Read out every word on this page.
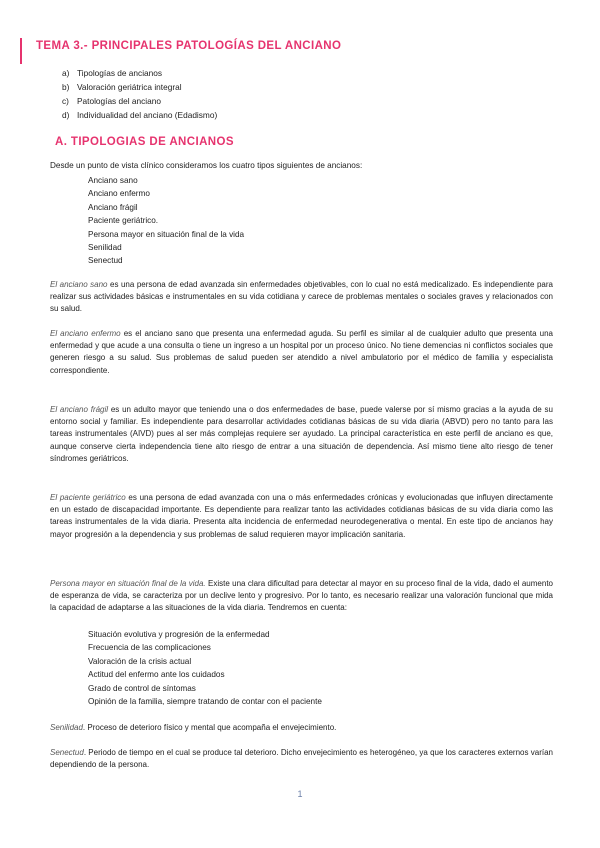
TEMA 3.- PRINCIPALES PATOLOGÍAS DEL ANCIANO
a) Tipologías de ancianos
b) Valoración geriátrica integral
c) Patologías del anciano
d) Individualidad del anciano (Edadismo)
A. TIPOLOGIAS DE ANCIANOS
Desde un punto de vista clínico consideramos los cuatro tipos siguientes de ancianos:
Anciano sano
Anciano enfermo
Anciano frágil
Paciente geriátrico.
Persona mayor en situación final de la vida
Senilidad
Senectud
El anciano sano es una persona de edad avanzada sin enfermedades objetivables, con lo cual no está medicalizado. Es independiente para realizar sus actividades básicas e instrumentales en su vida cotidiana y carece de problemas mentales o sociales graves y relacionados con su salud.
El anciano enfermo es el anciano sano que presenta una enfermedad aguda. Su perfil es similar al de cualquier adulto que presenta una enfermedad y que acude a una consulta o tiene un ingreso a un hospital por un proceso único. No tiene demencias ni conflictos sociales que generen riesgo a su salud. Sus problemas de salud pueden ser atendido a nivel ambulatorio por el médico de familia y especialista correspondiente.
El anciano frágil es un adulto mayor que teniendo una o dos enfermedades de base, puede valerse por sí mismo gracias a la ayuda de su entorno social y familiar. Es independiente para desarrollar actividades cotidianas básicas de su vida diaria (ABVD) pero no tanto para las tareas instrumentales (AIVD) pues al ser más complejas requiere ser ayudado. La principal característica en este perfil de anciano es que, aunque conserve cierta independencia tiene alto riesgo de entrar a una situación de dependencia. Así mismo tiene alto riesgo de tener síndromes geriátricos.
El paciente geriátrico es una persona de edad avanzada con una o más enfermedades crónicas y evolucionadas que influyen directamente en un estado de discapacidad importante. Es dependiente para realizar tanto las actividades cotidianas básicas de su vida diaria como las tareas instrumentales de la vida diaria. Presenta alta incidencia de enfermedad neurodegenerativa o mental. En este tipo de ancianos hay mayor progresión a la dependencia y sus problemas de salud requieren mayor implicación sanitaria.
Persona mayor en situación final de la vida. Existe una clara dificultad para detectar al mayor en su proceso final de la vida, dado el aumento de esperanza de vida, se caracteriza por un declive lento y progresivo. Por lo tanto, es necesario realizar una valoración funcional que mida la capacidad de adaptarse a las situaciones de la vida diaria. Tendremos en cuenta:
Situación evolutiva y progresión de la enfermedad
Frecuencia de las complicaciones
Valoración de la crisis actual
Actitud del enfermo ante los cuidados
Grado de control de síntomas
Opinión de la familia, siempre tratando de contar con el paciente
Senilidad. Proceso de deterioro físico y mental que acompaña el envejecimiento.
Senectud. Periodo de tiempo en el cual se produce tal deterioro. Dicho envejecimiento es heterogéneo, ya que los caracteres externos varían dependiendo de la persona.
1
